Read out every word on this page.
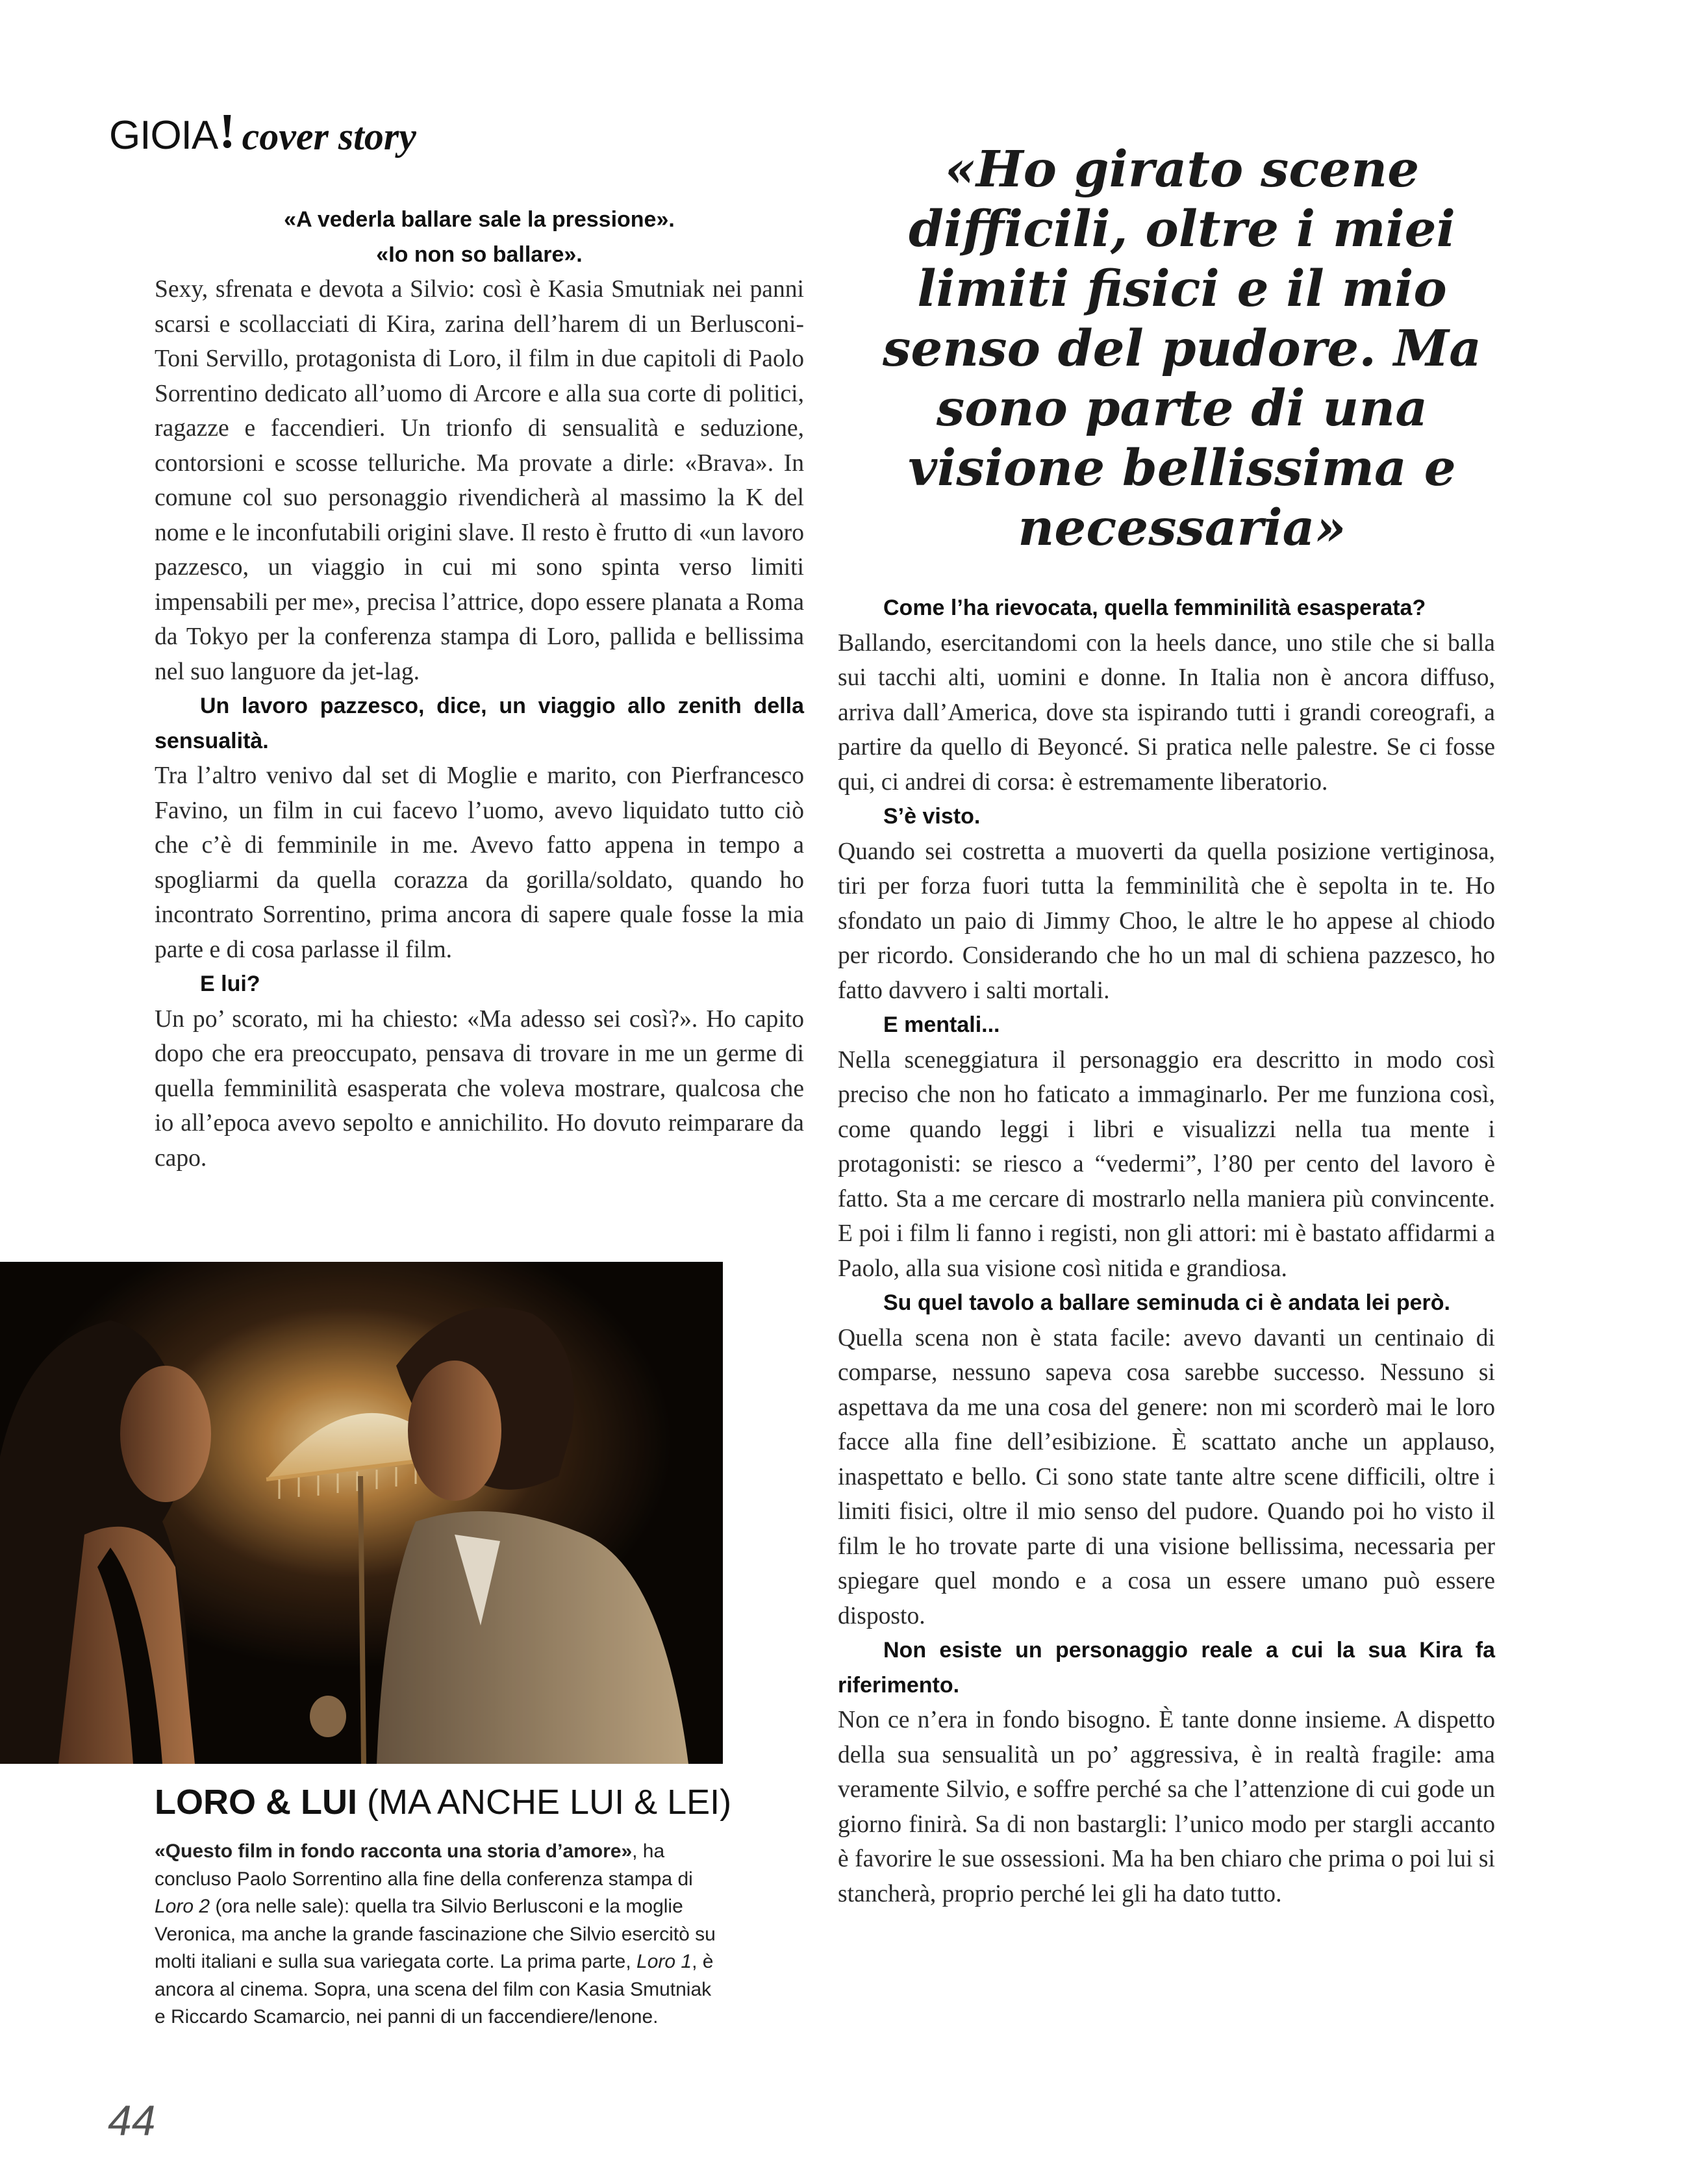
GIOIA ! cover story
«Ho girato scene difficili, oltre i miei limiti fisici e il mio senso del pudore. Ma sono parte di una visione bellissima e necessaria»

«A vederla ballare sale la pressione».

«Io non so ballare».

Sexy, sfrenata e devota a Silvio: così è Kasia Smutniak nei panni scarsi e scollacciati di Kira, zarina dell’harem di un Berlusconi-Toni Servillo, protagonista di Loro, il film in due capitoli di Paolo Sorrentino dedicato all’uomo di Arcore e alla sua corte di politici, ragazze e faccendieri. Un trionfo di sensualità e seduzione, contorsioni e scosse telluriche. Ma provate a dirle: «Brava». In comune col suo personaggio rivendicherà al massimo la K del nome e le inconfutabili origini slave. Il resto è frutto di «un lavoro pazzesco, un viaggio in cui mi sono spinta verso limiti impensabili per me», precisa l’attrice, dopo essere planata a Roma da Tokyo per la conferenza stampa di Loro, pallida e bellissima nel suo languore da jet-lag.

Un lavoro pazzesco, dice, un viaggio allo zenith della sensualità.

Tra l’altro venivo dal set di Moglie e marito, con Pierfrancesco Favino, un film in cui facevo l’uomo, avevo liquidato tutto ciò che c’è di femminile in me. Avevo fatto appena in tempo a spogliarmi da quella corazza da gorilla/soldato, quando ho incontrato Sorrentino, prima ancora di sapere quale fosse la mia parte e di cosa parlasse il film.

E lui?

Un po’ scorato, mi ha chiesto: «Ma adesso sei così?». Ho capito dopo che era preoccupato, pensava di trovare in me un germe di quella femminilità esasperata che voleva mostrare, qualcosa che io all’epoca avevo sepolto e annichilito. Ho dovuto reimparare da capo.

Come l’ha rievocata, quella femminilità esasperata?

Ballando, esercitandomi con la heels dance, uno stile che si balla sui tacchi alti, uomini e donne. In Italia non è ancora diffuso, arriva dall’America, dove sta ispirando tutti i grandi coreografi, a partire da quello di Beyoncé. Si pratica nelle palestre. Se ci fosse qui, ci andrei di corsa: è estremamente liberatorio.

S’è visto.

Quando sei costretta a muoverti da quella posizione vertiginosa, tiri per forza fuori tutta la femminilità che è sepolta in te. Ho sfondato un paio di Jimmy Choo, le altre le ho appese al chiodo per ricordo. Considerando che ho un mal di schiena pazzesco, ho fatto davvero i salti mortali.

E mentali...

Nella sceneggiatura il personaggio era descritto in modo così preciso che non ho faticato a immaginarlo. Per me funziona così, come quando leggi i libri e visualizzi nella tua mente i protagonisti: se riesco a “vedermi”, l’80 per cento del lavoro è fatto. Sta a me cercare di mostrarlo nella maniera più convincente. E poi i film li fanno i registi, non gli attori: mi è bastato affidarmi a Paolo, alla sua visione così nitida e grandiosa.

Su quel tavolo a ballare seminuda ci è andata lei però.

Quella scena non è stata facile: avevo davanti un centinaio di comparse, nessuno sapeva cosa sarebbe successo. Nessuno si aspettava da me una cosa del genere: non mi scorderò mai le loro facce alla fine dell’esibizione. È scattato anche un applauso, inaspettato e bello. Ci sono state tante altre scene difficili, oltre i limiti fisici, oltre il mio senso del pudore. Quando poi ho visto il film le ho trovate parte di una visione bellissima, necessaria per spiegare quel mondo e a cosa un essere umano può essere disposto.

Non esiste un personaggio reale a cui la sua Kira fa riferimento.

Non ce n’era in fondo bisogno. È tante donne insieme. A dispetto della sua sensualità un po’ aggressiva, è in realtà fragile: ama veramente Silvio, e soffre perché sa che l’attenzione di cui gode un giorno finirà. Sa di non bastargli: l’unico modo per stargli accanto è favorire le sue ossessioni. Ma ha ben chiaro che prima o poi lui si stancherà, proprio perché lei gli ha dato tutto.

LORO & LUI (MA ANCHE LUI & LEI)
«Questo film in fondo racconta una storia d’amore», ha concluso Paolo Sorrentino alla fine della conferenza stampa di Loro 2 (ora nelle sale): quella tra Silvio Berlusconi e la moglie Veronica, ma anche la grande fascinazione che Silvio esercitò su molti italiani e sulla sua variegata corte. La prima parte, Loro 1, è ancora al cinema. Sopra, una scena del film con Kasia Smutniak e Riccardo Scamarcio, nei panni di un faccendiere/lenone.
44
